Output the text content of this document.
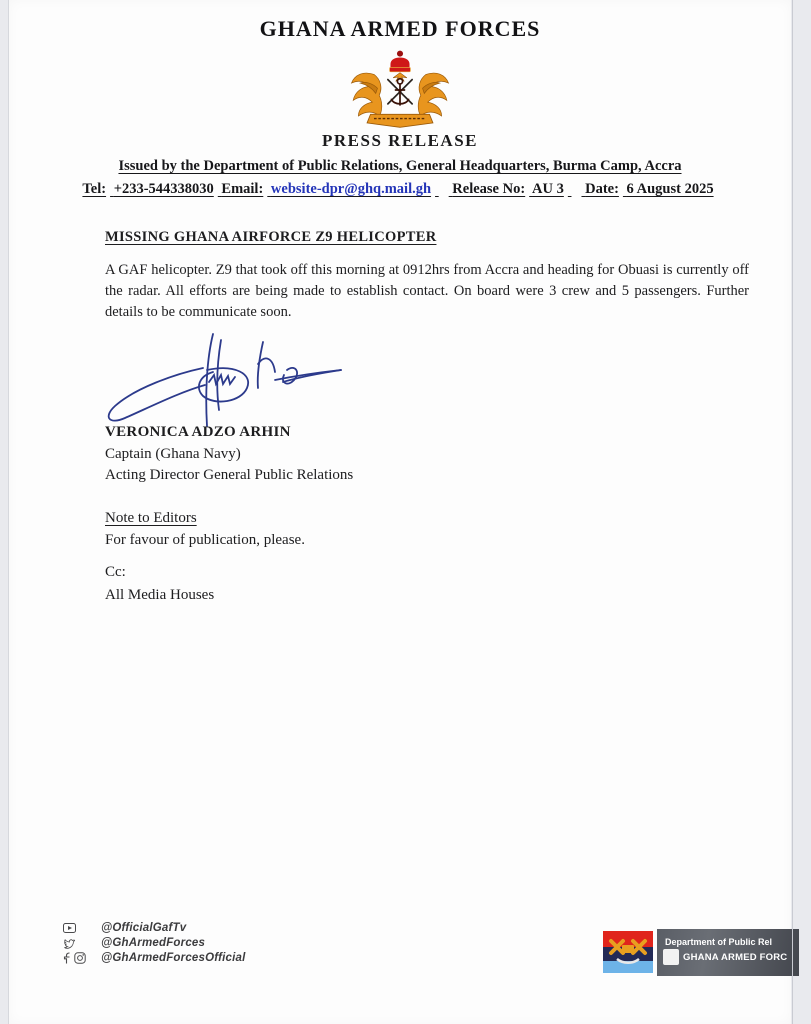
GHANA ARMED FORCES
PRESS RELEASE
Issued by the Department of Public Relations, General Headquarters, Burma Camp, Accra
Tel: +233-544338030 Email: website-dpr@ghq.mail.gh Release No: AU 3 Date: 6 August 2025
MISSING GHANA AIRFORCE Z9 HELICOPTER
A GAF helicopter. Z9 that took off this morning at 0912hrs from Accra and heading for Obuasi is currently off the radar. All efforts are being made to establish contact. On board were 3 crew and 5 passengers. Further details to be communicate soon.
VERONICA ADZO ARHIN
Captain (Ghana Navy)
Acting Director General Public Relations
Note to Editors
For favour of publication, please.
Cc:
All Media Houses
@OfficialGafTv
@GhArmedForces
@GhArmedForcesOfficial
Department of Public Rel
GHANA ARMED FORC
